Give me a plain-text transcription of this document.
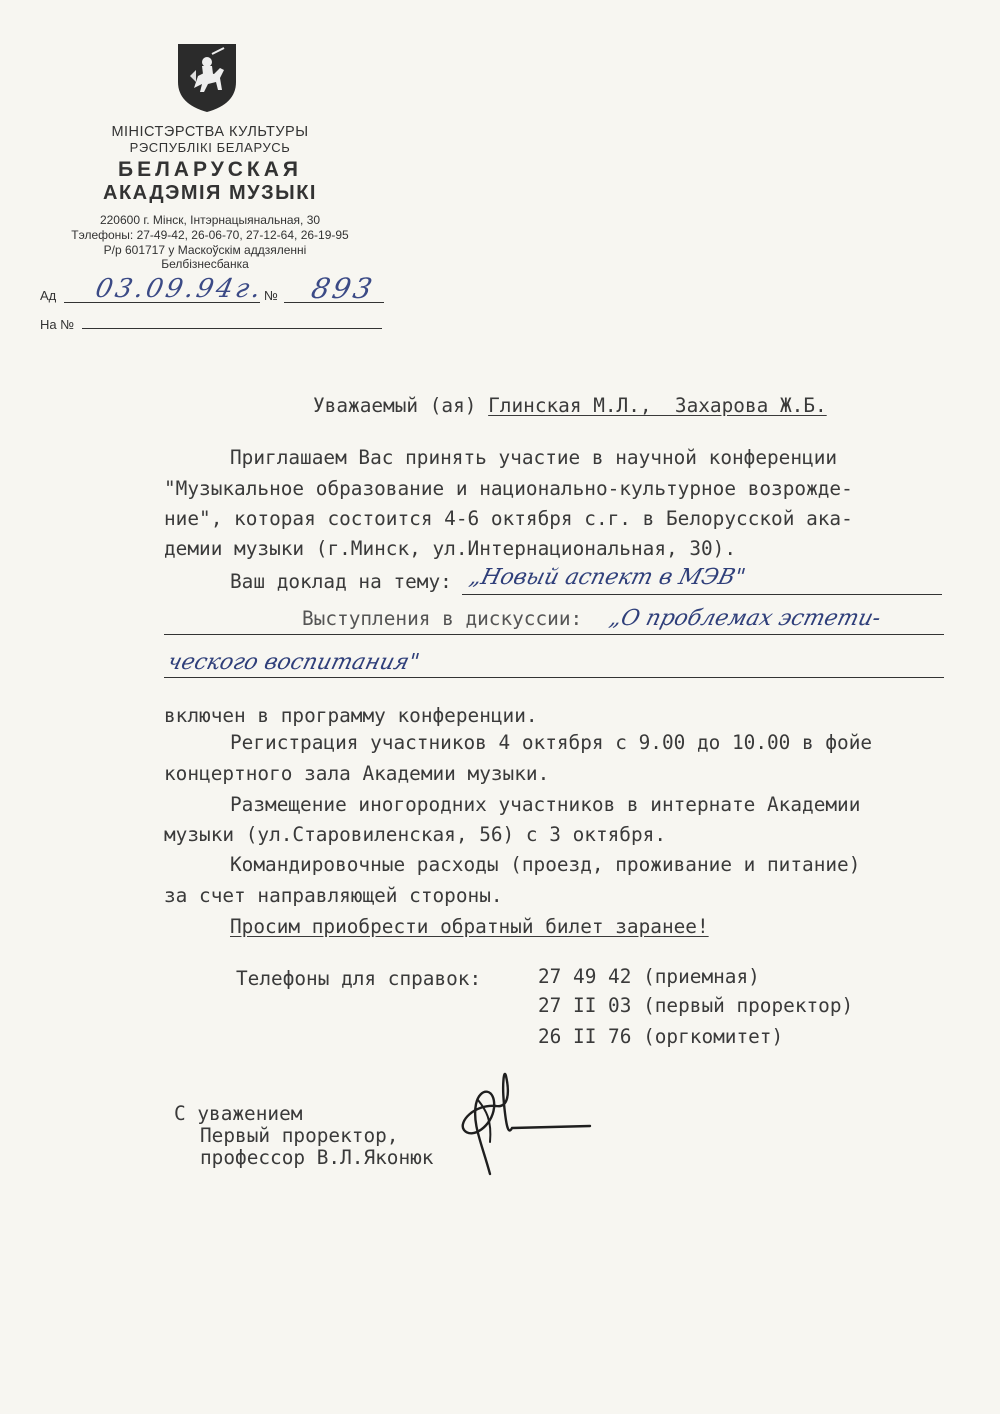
МІНІСТЭРСТВА КУЛЬТУРЫ
РЭСПУБЛІКІ БЕЛАРУСЬ
БЕЛАРУСКАЯ
АКАДЭМІЯ МУЗЫКІ
220600 г. Мінск, Інтэрнацыянальная, 30
Тэлефоны: 27-49-42, 26-06-70, 27-12-64, 26-19-95
Р/р 601717 у Маскоўскім аддзяленні
Белбізнесбанка
Ад	№
03.09.94г. 893
На №
Уважаемый (ая) Глинская М.Л.,  Захарова Ж.Б.
Приглашаем Вас принять участие в научной конференции
"Музыкальное образование и национально-культурное возрожде-
ние", которая состоится 4-6 октября с.г. в Белорусской ака-
демии музыки (г.Минск, ул.Интернациональная, 30).
Ваш доклад на тему: „Новый аспект в МЭВ"
Выступления в дискуссии: „О проблемах эстети-
ческого воспитания"
включен в программу конференции.
Регистрация участников 4 октября с 9.00 до 10.00 в фойе
концертного зала Академии музыки.
Размещение иногородних участников в интернате Академии
музыки (ул.Старовиленская, 56) с 3 октября.
Командировочные расходы (проезд, проживание и питание)
за счет направляющей стороны.
Просим приобрести обратный билет заранее!
Телефоны для справок:	27 49 42 (приемная)
27 II 03 (первый проректор)
26 II 76 (оргкомитет)
С уважением
Первый проректор,
профессор В.Л.Яконюк
